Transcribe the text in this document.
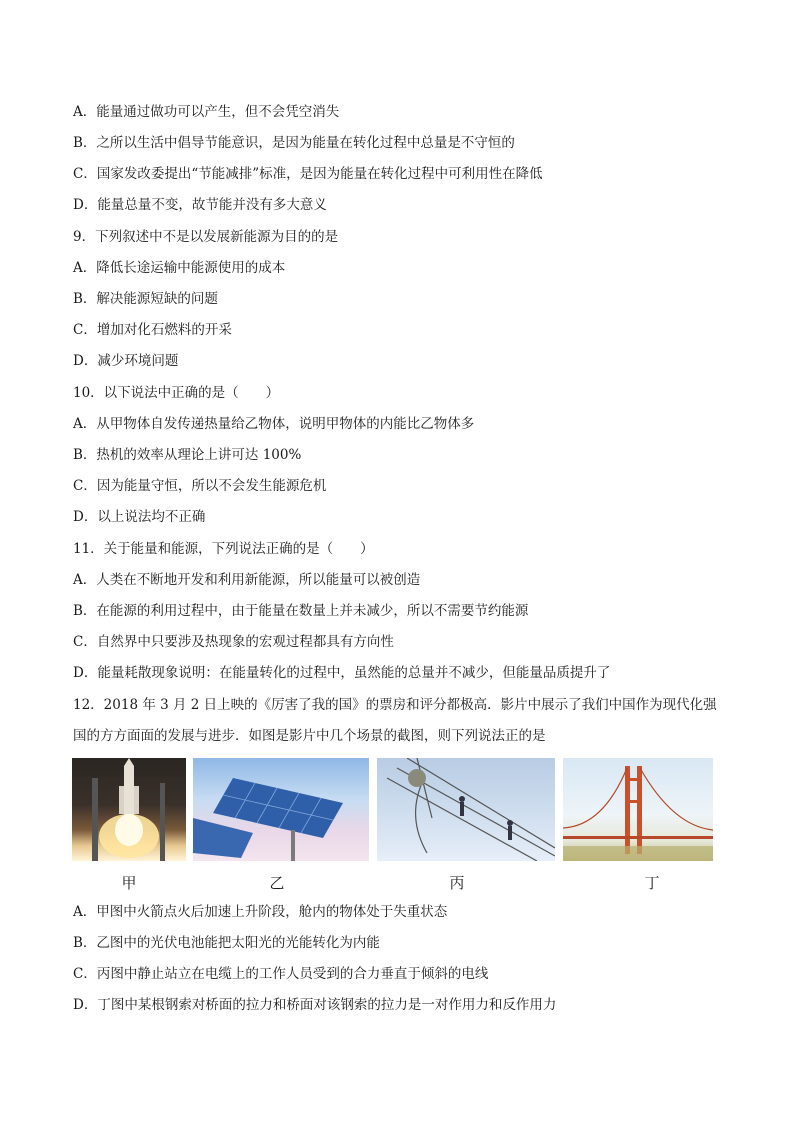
A．能量通过做功可以产生，但不会凭空消失
B．之所以生活中倡导节能意识，是因为能量在转化过程中总量是不守恒的
C．国家发改委提出“节能减排”标准，是因为能量在转化过程中可利用性在降低
D．能量总量不变，故节能并没有多大意义
9．下列叙述中不是以发展新能源为目的的是
A．降低长途运输中能源使用的成本
B．解决能源短缺的问题
C．增加对化石燃料的开采
D．减少环境问题
10．以下说法中正确的是（　　）
A．从甲物体自发传递热量给乙物体，说明甲物体的内能比乙物体多
B．热机的效率从理论上讲可达 100%
C．因为能量守恒，所以不会发生能源危机
D．以上说法均不正确
11．关于能量和能源，下列说法正确的是（　　）
A．人类在不断地开发和利用新能源，所以能量可以被创造
B．在能源的利用过程中，由于能量在数量上并未减少，所以不需要节约能源
C．自然界中只要涉及热现象的宏观过程都具有方向性
D．能量耗散现象说明：在能量转化的过程中，虽然能的总量并不减少，但能量品质提升了
12．2018 年 3 月 2 日上映的《厉害了我的国》的票房和评分都极高．影片中展示了我们中国作为现代化强
国的方方面面的发展与进步．如图是影片中几个场景的截图，则下列说法正的是
甲	乙	丙	丁
A．甲图中火箭点火后加速上升阶段，舱内的物体处于失重状态
B．乙图中的光伏电池能把太阳光的光能转化为内能
C．丙图中静止站立在电缆上的工作人员受到的合力垂直于倾斜的电线
D．丁图中某根钢索对桥面的拉力和桥面对该钢索的拉力是一对作用力和反作用力
